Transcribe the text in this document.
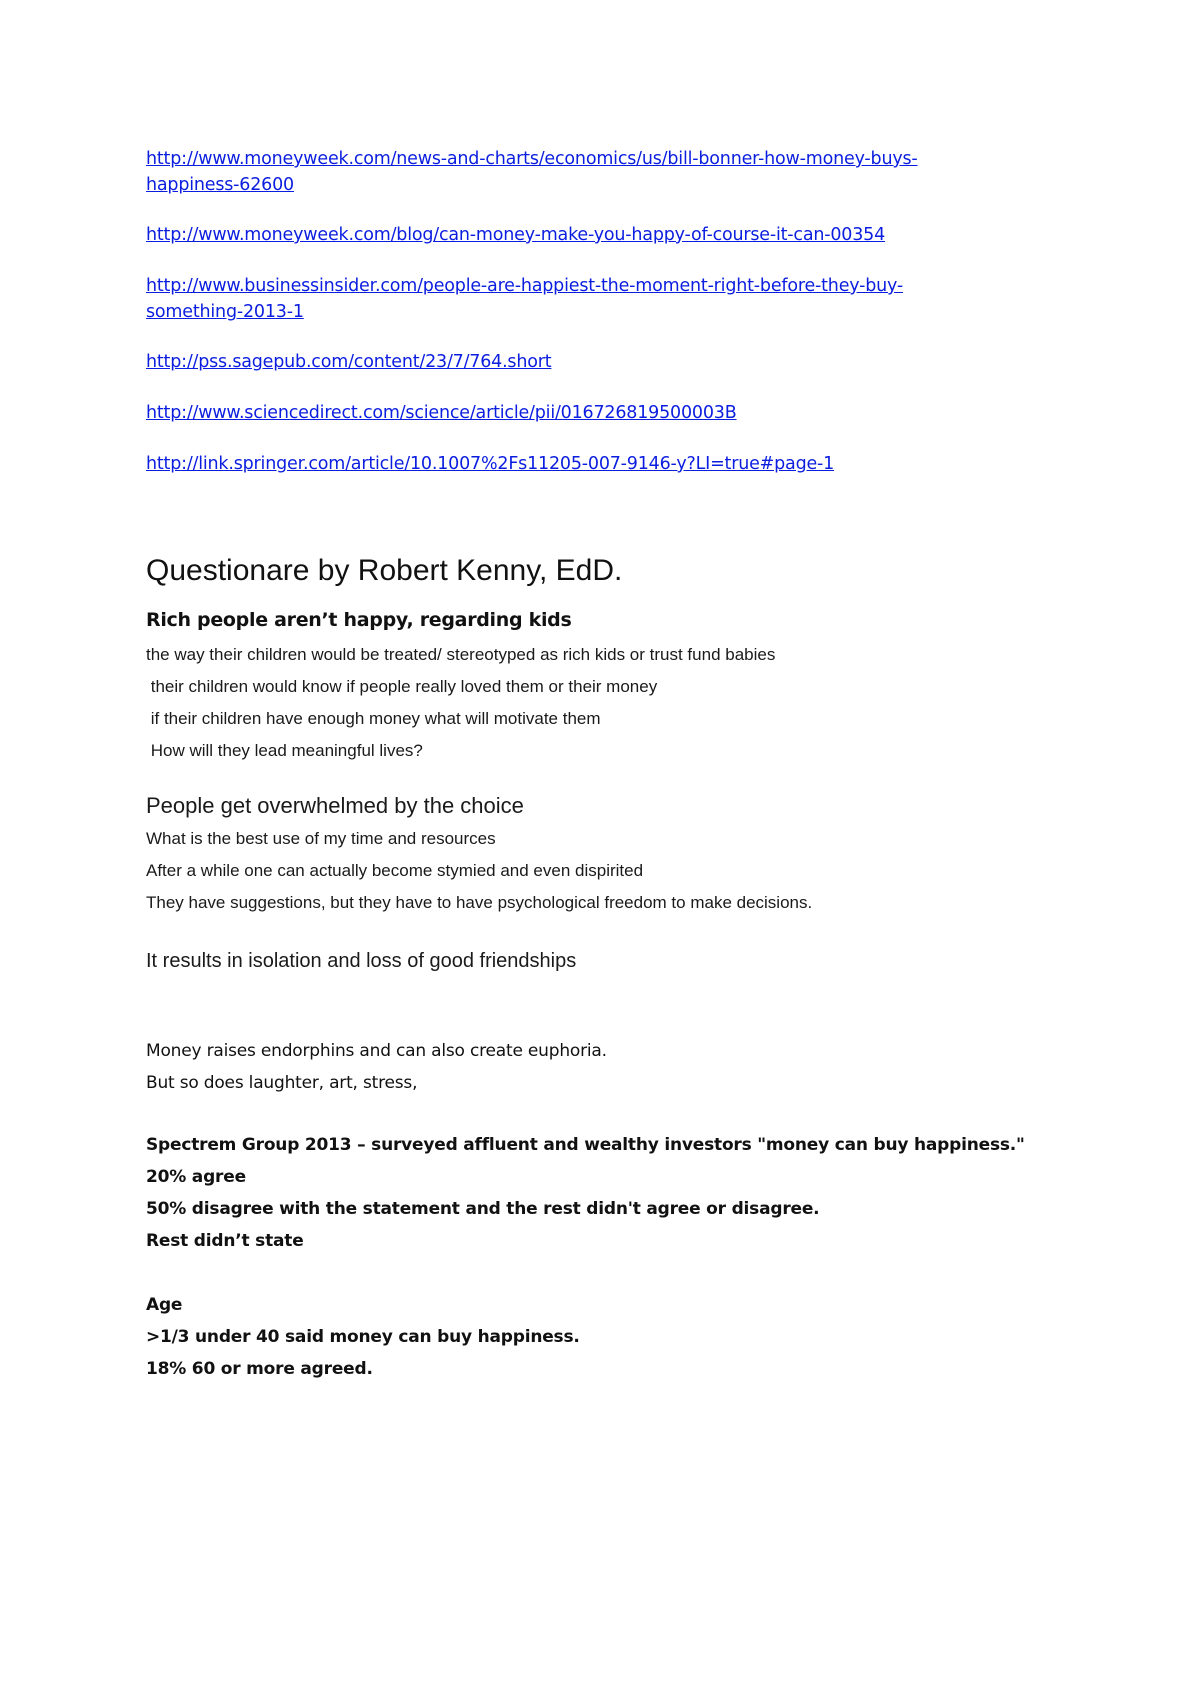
http://www.moneyweek.com/news-and-charts/economics/us/bill-bonner-how-money-buys-
happiness-62600
http://www.moneyweek.com/blog/can-money-make-you-happy-of-course-it-can-00354
http://www.businessinsider.com/people-are-happiest-the-moment-right-before-they-buy-
something-2013-1
http://pss.sagepub.com/content/23/7/764.short
http://www.sciencedirect.com/science/article/pii/016726819500003B
http://link.springer.com/article/10.1007%2Fs11205-007-9146-y?LI=true#page-1
Questionare by Robert Kenny, EdD.
Rich people aren’t happy, regarding kids
the way their children would be treated/ stereotyped as rich kids or trust fund babies
their children would know if people really loved them or their money
if their children have enough money what will motivate them
How will they lead meaningful lives?
People get overwhelmed by the choice
What is the best use of my time and resources
After a while one can actually become stymied and even dispirited
They have suggestions, but they have to have psychological freedom to make decisions.
It results in isolation and loss of good friendships
Money raises endorphins and can also create euphoria.
But so does laughter, art, stress,
Spectrem Group 2013 – surveyed affluent and wealthy investors "money can buy happiness."
20% agree
50% disagree with the statement and the rest didn't agree or disagree.
Rest didn’t state
Age
>1/3 under 40 said money can buy happiness.
18% 60 or more agreed.
